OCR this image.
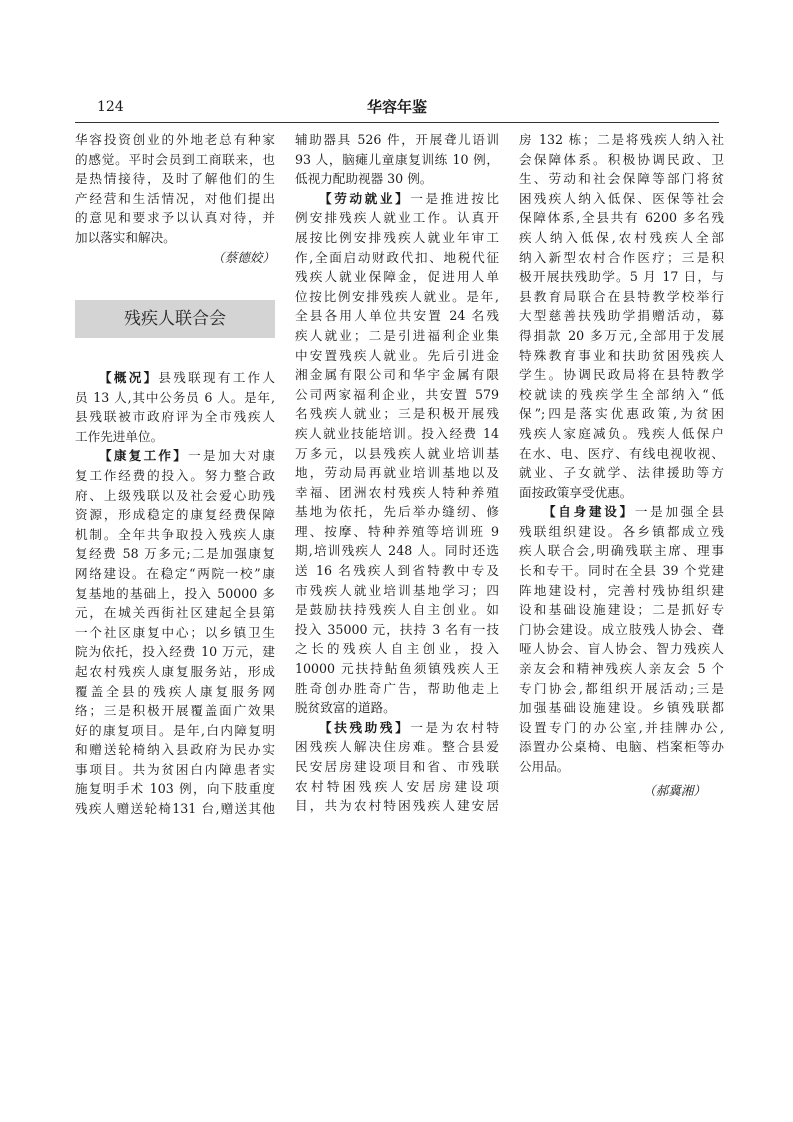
124	华容年鉴
华容投资创业的外地老总有种家
的感觉。平时会员到工商联来，也
是热情接待，及时了解他们的生
产经营和生活情况，对他们提出
的意见和要求予以认真对待，并
加以落实和解决。
（蔡德姣）
残疾人联合会
【概况】县残联现有工作人
员 13 人,其中公务员 6 人。是年,
县残联被市政府评为全市残疾人
工作先进单位。
【康复工作】一是加大对康
复工作经费的投入。努力整合政
府、上级残联以及社会爱心助残
资源，形成稳定的康复经费保障
机制。全年共争取投入残疾人康
复经费 58 万多元;二是加强康复
网络建设。在稳定“两院一校”康
复基地的基础上，投入 50000 多
元，在城关西街社区建起全县第
一个社区康复中心；以乡镇卫生
院为依托，投入经费 10 万元，建
起农村残疾人康复服务站，形成
覆盖全县的残疾人康复服务网
络；三是积极开展覆盖面广效果
好的康复项目。是年,白内障复明
和赠送轮椅纳入县政府为民办实
事项目。共为贫困白内障患者实
施复明手术 103 例，向下肢重度
残疾人赠送轮椅131 台,赠送其他
辅助器具 526 件，开展聋儿语训
93 人，脑瘫儿童康复训练 10 例，
低视力配助视器 30 例。
【劳动就业】一是推进按比
例安排残疾人就业工作。认真开
展按比例安排残疾人就业年审工
作,全面启动财政代扣、地税代征
残疾人就业保障金，促进用人单
位按比例安排残疾人就业。是年,
全县各用人单位共安置 24 名残
疾人就业；二是引进福利企业集
中安置残疾人就业。先后引进金
湘金属有限公司和华宇金属有限
公司两家福利企业，共安置 579
名残疾人就业；三是积极开展残
疾人就业技能培训。投入经费 14
万多元，以县残疾人就业培训基
地，劳动局再就业培训基地以及
幸福、团洲农村残疾人特种养殖
基地为依托，先后举办缝纫、修
理、按摩、特种养殖等培训班 9
期,培训残疾人 248 人。同时还选
送 16 名残疾人到省特教中专及
市残疾人就业培训基地学习；四
是鼓励扶持残疾人自主创业。如
投入 35000 元，扶持 3 名有一技
之长的残疾人自主创业，投入
10000 元扶持鲇鱼须镇残疾人王
胜奇创办胜奇广告，帮助他走上
脱贫致富的道路。
【扶残助残】一是为农村特
困残疾人解决住房难。整合县爱
民安居房建设项目和省、市残联
农村特困残疾人安居房建设项
目，共为农村特困残疾人建安居
房 132 栋；二是将残疾人纳入社
会保障体系。积极协调民政、卫
生、劳动和社会保障等部门将贫
困残疾人纳入低保、医保等社会
保障体系,全县共有 6200 多名残
疾人纳入低保,农村残疾人全部
纳入新型农村合作医疗；三是积
极开展扶残助学。5 月 17 日，与
县教育局联合在县特教学校举行
大型慈善扶残助学捐赠活动，募
得捐款 20 多万元,全部用于发展
特殊教育事业和扶助贫困残疾人
学生。协调民政局将在县特教学
校就读的残疾学生全部纳入“低
保”;四是落实优惠政策,为贫困
残疾人家庭减负。残疾人低保户
在水、电、医疗、有线电视收视、
就业、子女就学、法律援助等方
面按政策享受优惠。
【自身建设】一是加强全县
残联组织建设。各乡镇都成立残
疾人联合会,明确残联主席、理事
长和专干。同时在全县 39 个党建
阵地建设村，完善村残协组织建
设和基础设施建设；二是抓好专
门协会建设。成立肢残人协会、聋
哑人协会、盲人协会、智力残疾人
亲友会和精神残疾人亲友会 5 个
专门协会,都组织开展活动;三是
加强基础设施建设。乡镇残联都
设置专门的办公室,并挂牌办公,
添置办公桌椅、电脑、档案柜等办
公用品。
（郝冀湘）
